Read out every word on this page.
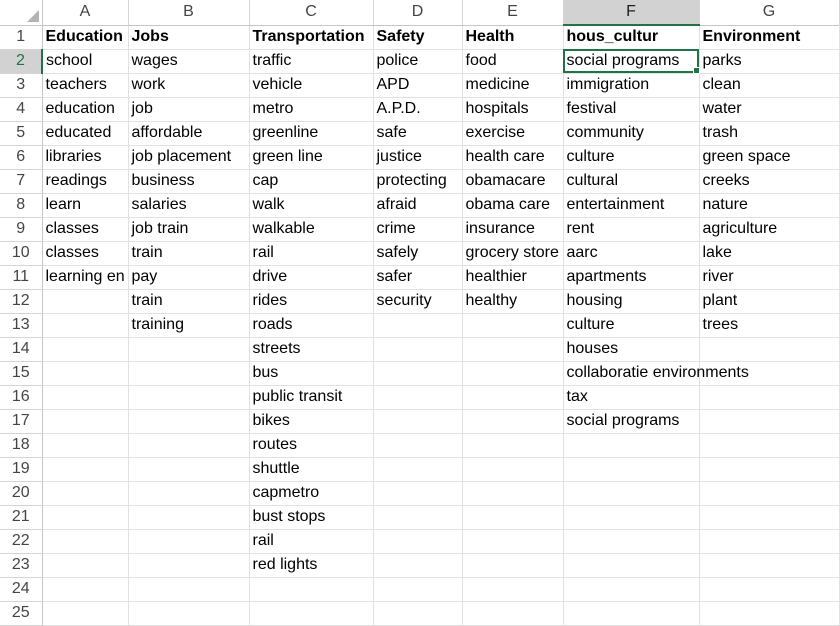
	A	B	C	D	E	F	G	
1	Education	Jobs	Transportation	Safety	Health	hous_cultur	Environment	
2	school	wages	traffic	police	food	social programs	parks	
3	teachers	work	vehicle	APD	medicine	immigration	clean	
4	education	job	metro	A.P.D.	hospitals	festival	water	
5	educated	affordable	greenline	safe	exercise	community	trash	
6	libraries	job placement	green line	justice	health care	culture	green space	
7	readings	business	cap	protecting	obamacare	cultural	creeks	
8	learn	salaries	walk	afraid	obama care	entertainment	nature	
9	classes	job train	walkable	crime	insurance	rent	agriculture	
10	classes	train	rail	safely	grocery store	aarc	lake	
11	learning en	pay	drive	safer	healthier	apartments	river	
12		train	rides	security	healthy	housing	plant	
13		training	roads			culture	trees	
14			streets			houses		
15			bus			collaboratie environments		
16			public transit			tax		
17			bikes			social programs		
18			routes					
19			shuttle					
20			capmetro					
21			bust stops					
22			rail					
23			red lights					
24								
25								
